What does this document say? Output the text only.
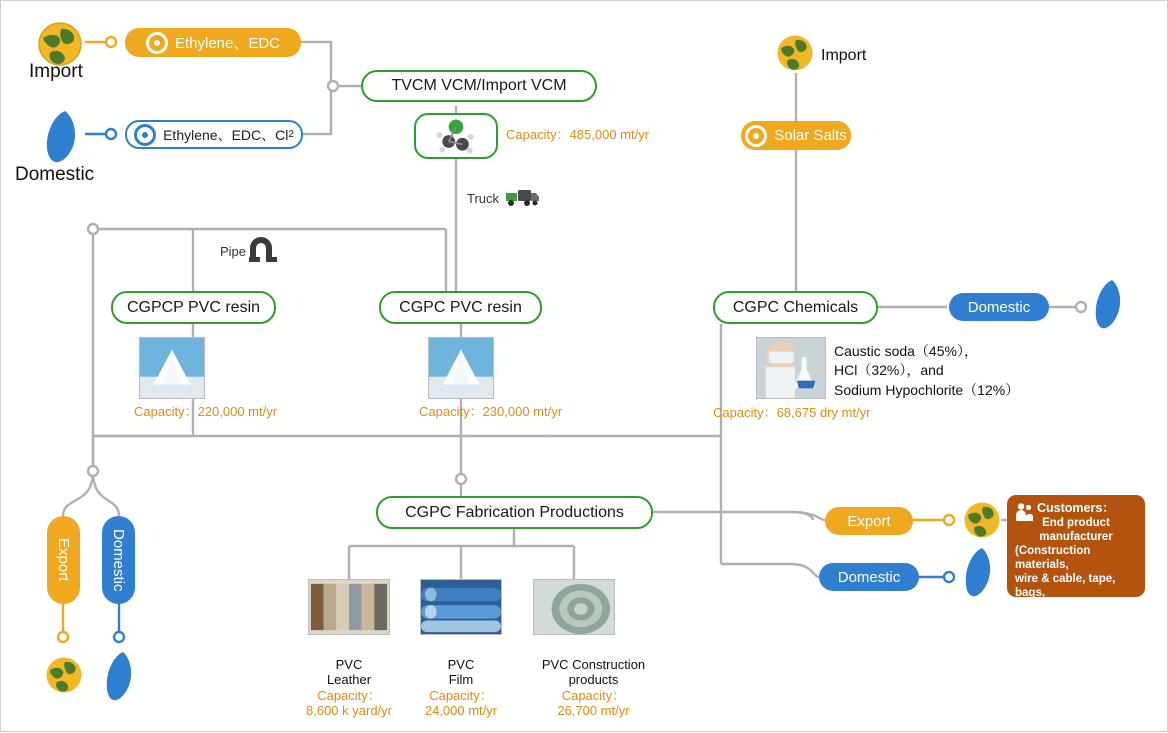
Import
Domestic
Ethylene、EDC
Ethylene、EDC、Cl 2
TVCM VCM/Import VCM
Capacity：485,000 mt/yr
Truck
Pipe
Import
Solar Salts
CGPCP PVC resin
Capacity：220,000 mt/yr
CGPC PVC resin
Capacity：230,000 mt/yr
CGPC Chemicals
Caustic soda（45%），
HCl（32%），and
Sodium Hypochlorite（12%）
Capacity：68,675 dry mt/yr
Domestic
Export	Domestic
CGPC Fabrication Productions
PVC
Leather
Capacity：
8,600 k yard/yr
PVC
Film
Capacity：
24,000 mt/yr
PVC Construction
products
Capacity：
26,700 mt/yr
Export
Domestic
Customers：
End product
manufacturer
(Construction materials,
wire & cable, tape, bags,
sofa…etc.), retailers.
